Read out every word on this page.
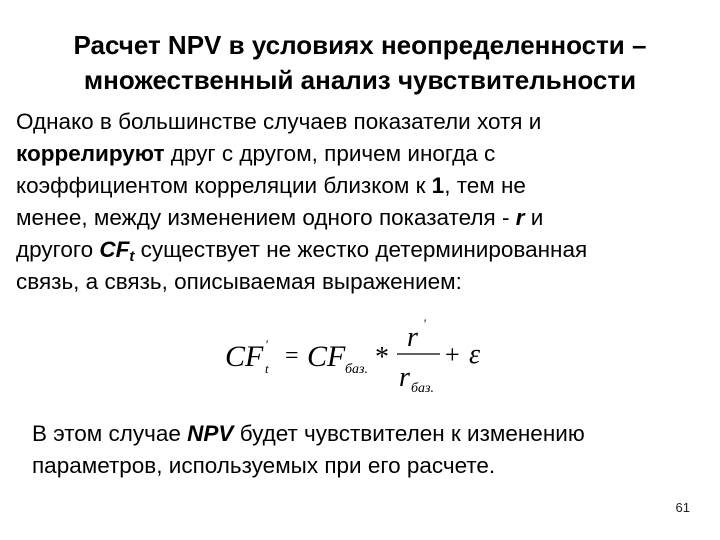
Расчет NPV в условиях неопределенности –
множественный анализ чувствительности
Однако в большинстве случаев показатели хотя и
коррелируют друг с другом, причем иногда с
коэффициентом корреляции близком к 1, тем не
менее, между изменением одного показателя - r и
другого $CF_t$ существует не жестко детерминированная
связь, а связь, описываемая выражением:
CF '
t = CF баз. *
r '
r баз.
+ ε
В этом случае NPV будет чувствителен к изменению
параметров, используемых при его расчете.
61
